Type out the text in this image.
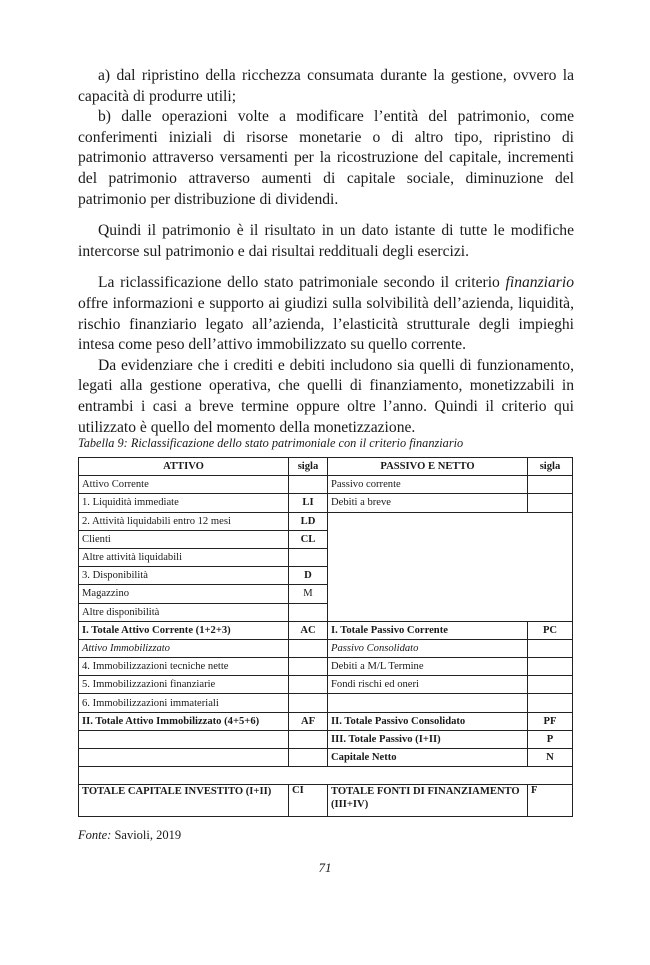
a) dal ripristino della ricchezza consumata durante la gestione, ovvero la capacità di produrre utili;

b) dalle operazioni volte a modificare l’entità del patrimonio, come conferimenti iniziali di risorse monetarie o di altro tipo, ripristino di patrimonio attraverso versamenti per la ricostruzione del capitale, incrementi del patrimonio attraverso aumenti di capitale sociale, diminuzione del patrimonio per distribuzione di dividendi.

Quindi il patrimonio è il risultato in un dato istante di tutte le modifiche intercorse sul patrimonio e dai risultai reddituali degli esercizi.

La riclassificazione dello stato patrimoniale secondo il criterio finanziario offre informazioni e supporto ai giudizi sulla solvibilità dell’azienda, liquidità, rischio finanziario legato all’azienda, l’elasticità strutturale degli impieghi intesa come peso dell’attivo immobilizzato su quello corrente.

Da evidenziare che i crediti e debiti includono sia quelli di funzionamento, legati alla gestione operativa, che quelli di finanziamento, monetizzabili in entrambi i casi a breve termine oppure oltre l’anno. Quindi il criterio qui utilizzato è quello del momento della monetizzazione.

Tabella 9: Riclassificazione dello stato patrimoniale con il criterio finanziario
ATTIVO	sigla	PASSIVO E NETTO	sigla
Attivo Corrente		Passivo corrente	
1. Liquidità immediate	LI	Debiti a breve	
2. Attività liquidabili entro 12 mesi	LD		
Clienti	CL		
Altre attività liquidabili			
3. Disponibilità	D		
Magazzino	M		
Altre disponibilità			
I. Totale Attivo Corrente (1+2+3)	AC	I. Totale Passivo Corrente	PC
Attivo Immobilizzato		Passivo Consolidato	
4. Immobilizzazioni tecniche nette		Debiti a M/L Termine	
5. Immobilizzazioni finanziarie		Fondi rischi ed oneri	
6. Immobilizzazioni immateriali			
II. Totale Attivo Immobilizzato (4+5+6)	AF	II. Totale Passivo Consolidato	PF
		III. Totale Passivo (I+II)	P
		Capitale Netto	N

TOTALE CAPITALE INVESTITO (I+II)	CI	TOTALE FONTI DI FINANZIAMENTO (III+IV)	F
Fonte: Savioli, 2019
71
